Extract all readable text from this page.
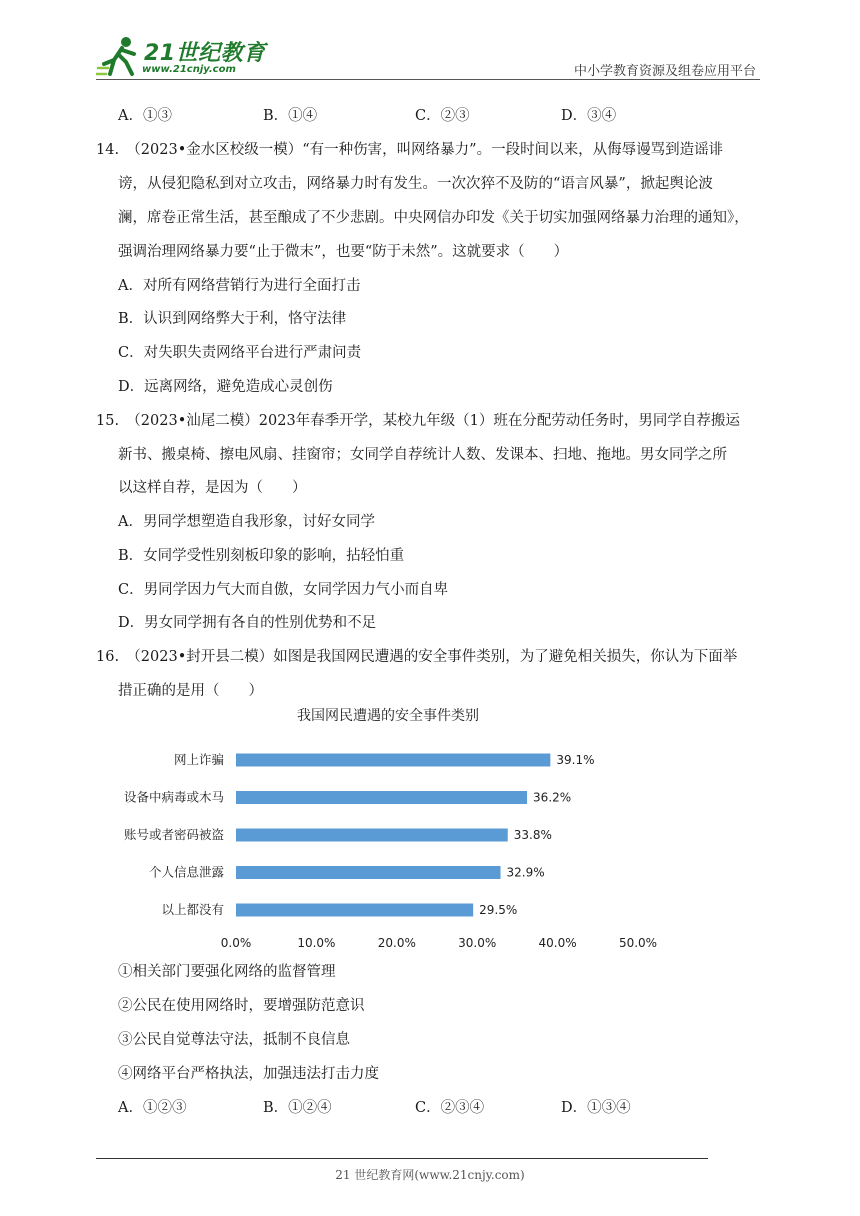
21世纪教育
www.21cnjy.com	中小学教育资源及组卷应用平台
A．①③	B．①④	C．②③	D．③④
14.　（2023•金水区校级一模）“有一种伤害，叫网络暴力”。一段时间以来，从侮辱谩骂到造谣诽
谤，从侵犯隐私到对立攻击，网络暴力时有发生。一次次猝不及防的“语言风暴”，掀起舆论波
澜，席卷正常生活，甚至酿成了不少悲剧。中央网信办印发《关于切实加强网络暴力治理的通知》，
强调治理网络暴力要“止于微末”，也要“防于未然”。这就要求（　　）
A．对所有网络营销行为进行全面打击
B．认识到网络弊大于利，恪守法律
C．对失职失责网络平台进行严肃问责
D．远离网络，避免造成心灵创伤
15.　（2023•汕尾二模）2023年春季开学，某校九年级（1）班在分配劳动任务时，男同学自荐搬运
新书、搬桌椅、擦电风扇、挂窗帘；女同学自荐统计人数、发课本、扫地、拖地。男女同学之所
以这样自荐，是因为（　　）
A．男同学想塑造自我形象，讨好女同学
B．女同学受性别刻板印象的影响，拈轻怕重
C．男同学因力气大而自傲，女同学因力气小而自卑
D．男女同学拥有各自的性别优势和不足
16.　（2023•封开县二模）如图是我国网民遭遇的安全事件类别，为了避免相关损失，你认为下面举
措正确的是用（　　）
我国网民遭遇的安全事件类别
网上诈骗	39.1%
设备中病毒或木马	36.2%
账号或者密码被盗	33.8%
个人信息泄露	32.9%
以上都没有	29.5%
0.0%	10.0%	20.0%	30.0%	40.0%	50.0%
①相关部门要强化网络的监督管理
②公民在使用网络时，要增强防范意识
③公民自觉尊法守法，抵制不良信息
④网络平台严格执法，加强违法打击力度
A．①②③	B．①②④	C．②③④	D．①③④
21 世纪教育网(www.21cnjy.com)
